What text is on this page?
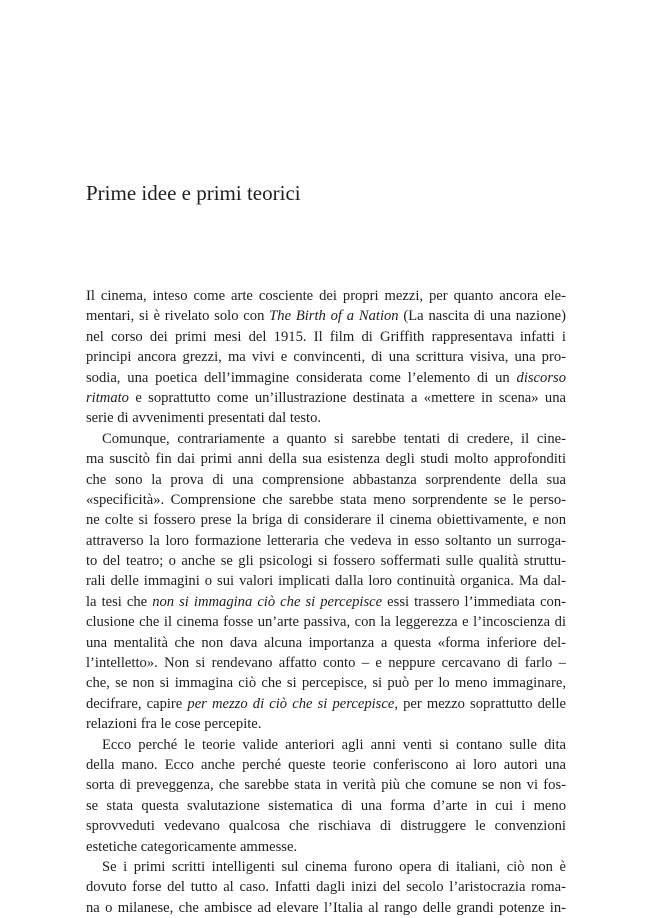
Prime idee e primi teorici
Il cinema, inteso come arte cosciente dei propri mezzi, per quanto ancora ele-
mentari, si è rivelato solo con The Birth of a Nation (La nascita di una nazione)
nel corso dei primi mesi del 1915. Il film di Griffith rappresentava infatti i
principi ancora grezzi, ma vivi e convincenti, di una scrittura visiva, una pro-
sodia, una poetica dell’immagine considerata come l’elemento di un discorso
ritmato e soprattutto come un’illustrazione destinata a «mettere in scena» una
serie di avvenimenti presentati dal testo.
Comunque, contrariamente a quanto si sarebbe tentati di credere, il cine-
ma suscitò fin dai primi anni della sua esistenza degli studi molto approfonditi
che sono la prova di una comprensione abbastanza sorprendente della sua
«specificità». Comprensione che sarebbe stata meno sorprendente se le perso-
ne colte si fossero prese la briga di considerare il cinema obiettivamente, e non
attraverso la loro formazione letteraria che vedeva in esso soltanto un surroga-
to del teatro; o anche se gli psicologi si fossero soffermati sulle qualità struttu-
rali delle immagini o sui valori implicati dalla loro continuità organica. Ma dal-
la tesi che non si immagina ciò che si percepisce essi trassero l’immediata con-
clusione che il cinema fosse un’arte passiva, con la leggerezza e l’incoscienza di
una mentalità che non dava alcuna importanza a questa «forma inferiore del-
l’intelletto». Non si rendevano affatto conto – e neppure cercavano di farlo –
che, se non si immagina ciò che si percepisce, si può per lo meno immaginare,
decifrare, capire per mezzo di ciò che si percepisce, per mezzo soprattutto delle
relazioni fra le cose percepite.
Ecco perché le teorie valide anteriori agli anni venti si contano sulle dita
della mano. Ecco anche perché queste teorie conferiscono ai loro autori una
sorta di preveggenza, che sarebbe stata in verità più che comune se non vi fos-
se stata questa svalutazione sistematica di una forma d’arte in cui i meno
sprovveduti vedevano qualcosa che rischiava di distruggere le convenzioni
estetiche categoricamente ammesse.
Se i primi scritti intelligenti sul cinema furono opera di italiani, ciò non è
dovuto forse del tutto al caso. Infatti dagli inizi del secolo l’aristocrazia roma-
na o milanese, che ambisce ad elevare l’Italia al rango delle grandi potenze in-
